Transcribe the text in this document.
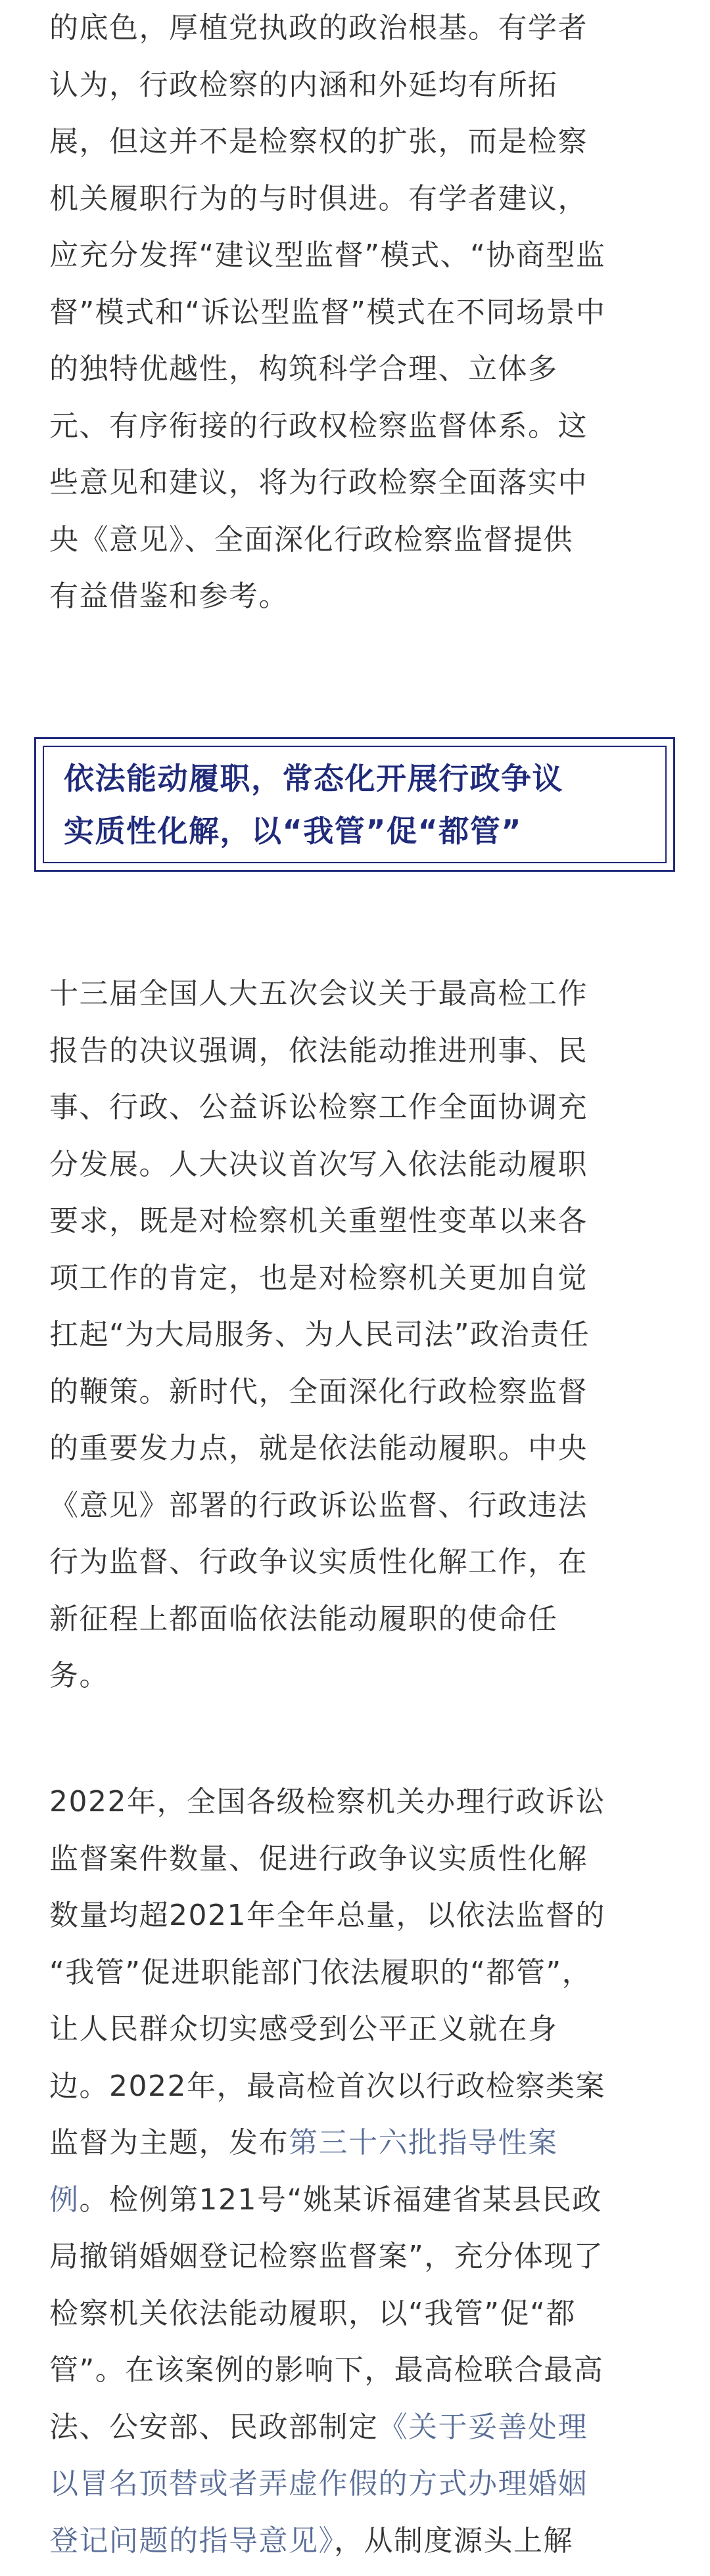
的底色，厚植党执政的政治根基。有学者
认为，行政检察的内涵和外延均有所拓
展，但这并不是检察权的扩张，而是检察
机关履职行为的与时俱进。有学者建议，
应充分发挥“建议型监督”模式、“协商型监
督”模式和“诉讼型监督”模式在不同场景中
的独特优越性，构筑科学合理、立体多
元、有序衔接的行政权检察监督体系。这
些意见和建议，将为行政检察全面落实中
央《意见》、全面深化行政检察监督提供
有益借鉴和参考。
依法能动履职，常态化开展行政争议
实质性化解，以“我管”促“都管”
十三届全国人大五次会议关于最高检工作
报告的决议强调，依法能动推进刑事、民
事、行政、公益诉讼检察工作全面协调充
分发展。人大决议首次写入依法能动履职
要求，既是对检察机关重塑性变革以来各
项工作的肯定，也是对检察机关更加自觉
扛起“为大局服务、为人民司法”政治责任
的鞭策。新时代，全面深化行政检察监督
的重要发力点，就是依法能动履职。中央
《意见》部署的行政诉讼监督、行政违法
行为监督、行政争议实质性化解工作，在
新征程上都面临依法能动履职的使命任
务。
2022年，全国各级检察机关办理行政诉讼
监督案件数量、促进行政争议实质性化解
数量均超2021年全年总量，以依法监督的
“我管”促进职能部门依法履职的“都管”，
让人民群众切实感受到公平正义就在身
边。2022年，最高检首次以行政检察类案
监督为主题，发布第三十六批指导性案
例。检例第121号“姚某诉福建省某县民政
局撤销婚姻登记检察监督案”，充分体现了
检察机关依法能动履职，以“我管”促“都
管”。在该案例的影响下，最高检联合最高
法、公安部、民政部制定《关于妥善处理
以冒名顶替或者弄虚作假的方式办理婚姻
登记问题的指导意见》，从制度源头上解
